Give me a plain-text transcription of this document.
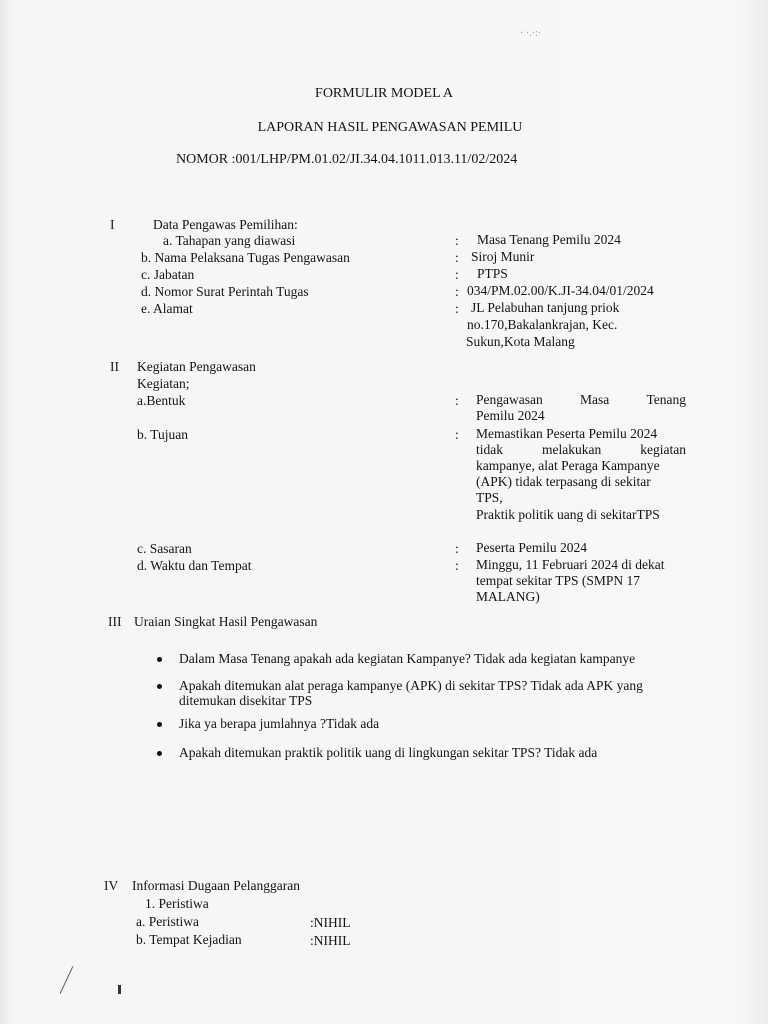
· ·.·:·
FORMULIR MODEL A
LAPORAN HASIL PENGAWASAN PEMILU
NOMOR :001/LHP/PM.01.02/JI.34.04.1011.013.11/02/2024
I	Data Pengawas Pemilihan:
a. Tahapan yang diawasi	: Masa Tenang Pemilu 2024
b. Nama Pelaksana Tugas Pengawasan	: Siroj Munir
c. Jabatan	: PTPS
d. Nomor Surat Perintah Tugas	: 034/PM.02.00/K.JI-34.04/01/2024
e. Alamat	: JL Pelabuhan tanjung priok
no.170,Bakalankrajan, Kec.
Sukun,Kota Malang
II Kegiatan Pengawasan
Kegiatan;
a.Bentuk	: Pengawasan	Masa	Tenang
Pemilu 2024
b. Tujuan	: Memastikan Peserta Pemilu 2024
tidak	melakukan	kegiatan
kampanye, alat Peraga Kampanye
(APK) tidak terpasang di sekitar
TPS,
Praktik politik uang di sekitarTPS
c. Sasaran	: Peserta Pemilu 2024
d. Waktu dan Tempat	: Minggu, 11 Februari 2024 di dekat
tempat sekitar TPS (SMPN 17
MALANG)
III Uraian Singkat Hasil Pengawasan
Dalam Masa Tenang apakah ada kegiatan Kampanye? Tidak ada kegiatan kampanye
Apakah ditemukan alat peraga kampanye (APK) di sekitar TPS? Tidak ada APK yang
ditemukan disekitar TPS
Jika ya berapa jumlahnya ?Tidak ada
Apakah ditemukan praktik politik uang di lingkungan sekitar TPS? Tidak ada
IV Informasi Dugaan Pelanggaran
1. Peristiwa
a. Peristiwa	:NIHIL
b. Tempat Kejadian	:NIHIL
